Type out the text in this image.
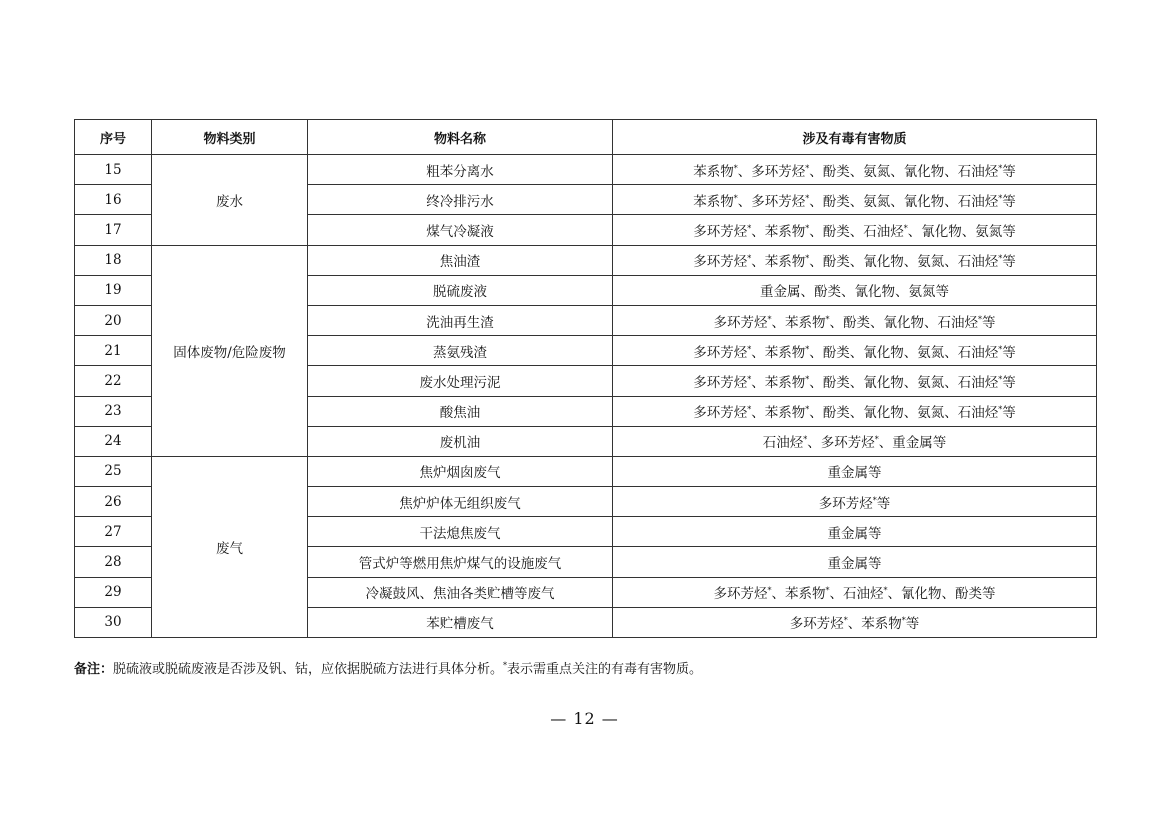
序号	物料类别	物料名称	涉及有毒有害物质
15	废水	粗苯分离水	苯系物*、多环芳烃*、酚类、氨氮、氰化物、石油烃*等
16		终冷排污水	苯系物*、多环芳烃*、酚类、氨氮、氰化物、石油烃*等
17		煤气冷凝液	多环芳烃*、苯系物*、酚类、石油烃*、氰化物、氨氮等
18	固体废物/危险废物	焦油渣	多环芳烃*、苯系物*、酚类、氰化物、氨氮、石油烃*等
19		脱硫废液	重金属、酚类、氰化物、氨氮等
20		洗油再生渣	多环芳烃*、苯系物*、酚类、氰化物、石油烃*等
21		蒸氨残渣	多环芳烃*、苯系物*、酚类、氰化物、氨氮、石油烃*等
22		废水处理污泥	多环芳烃*、苯系物*、酚类、氰化物、氨氮、石油烃*等
23		酸焦油	多环芳烃*、苯系物*、酚类、氰化物、氨氮、石油烃*等
24		废机油	石油烃*、多环芳烃*、重金属等
25	废气	焦炉烟囱废气	重金属等
26		焦炉炉体无组织废气	多环芳烃*等
27		干法熄焦废气	重金属等
28		管式炉等燃用焦炉煤气的设施废气	重金属等
29		冷凝鼓风、焦油各类贮槽等废气	多环芳烃*、苯系物*、石油烃*、氰化物、酚类等
30		苯贮槽废气	多环芳烃*、苯系物*等
备注：脱硫液或脱硫废液是否涉及钒、钴，应依据脱硫方法进行具体分析。*表示需重点关注的有毒有害物质。
— 12 —
